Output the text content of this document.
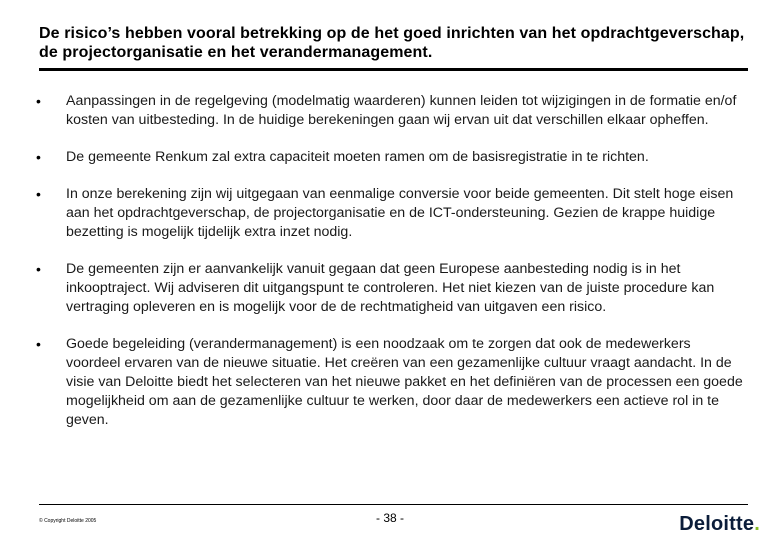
De risico’s hebben vooral betrekking op de het goed inrichten van het opdrachtgeverschap, de projectorganisatie en het verandermanagement.
• Aanpassingen in de regelgeving (modelmatig waarderen) kunnen leiden tot wijzigingen in de formatie en/of kosten van uitbesteding. In de huidige berekeningen gaan wij ervan uit dat verschillen elkaar opheffen.
• De gemeente Renkum zal extra capaciteit moeten ramen om de basisregistratie in te richten.
• In onze berekening zijn wij uitgegaan van eenmalige conversie voor beide gemeenten. Dit stelt hoge eisen aan het opdrachtgeverschap, de projectorganisatie en de ICT-ondersteuning. Gezien de krappe huidige bezetting is mogelijk tijdelijk extra inzet nodig.
• De gemeenten zijn er aanvankelijk vanuit gegaan dat geen Europese aanbesteding nodig is in het inkooptraject. Wij adviseren dit uitgangspunt te controleren. Het niet kiezen van de juiste procedure kan vertraging opleveren en is mogelijk voor de de rechtmatigheid van uitgaven een risico.
• Goede begeleiding (verandermanagement) is een noodzaak om te zorgen dat ook de medewerkers voordeel ervaren van de nieuwe situatie. Het creëren van een gezamenlijke cultuur vraagt aandacht. In de visie van Deloitte biedt het selecteren van het nieuwe pakket en het definiëren van de processen een goede mogelijkheid om aan de gezamenlijke cultuur te werken, door daar de medewerkers een actieve rol in te geven.
© Copyright Deloitte 2005	- 38 -	Deloitte.
